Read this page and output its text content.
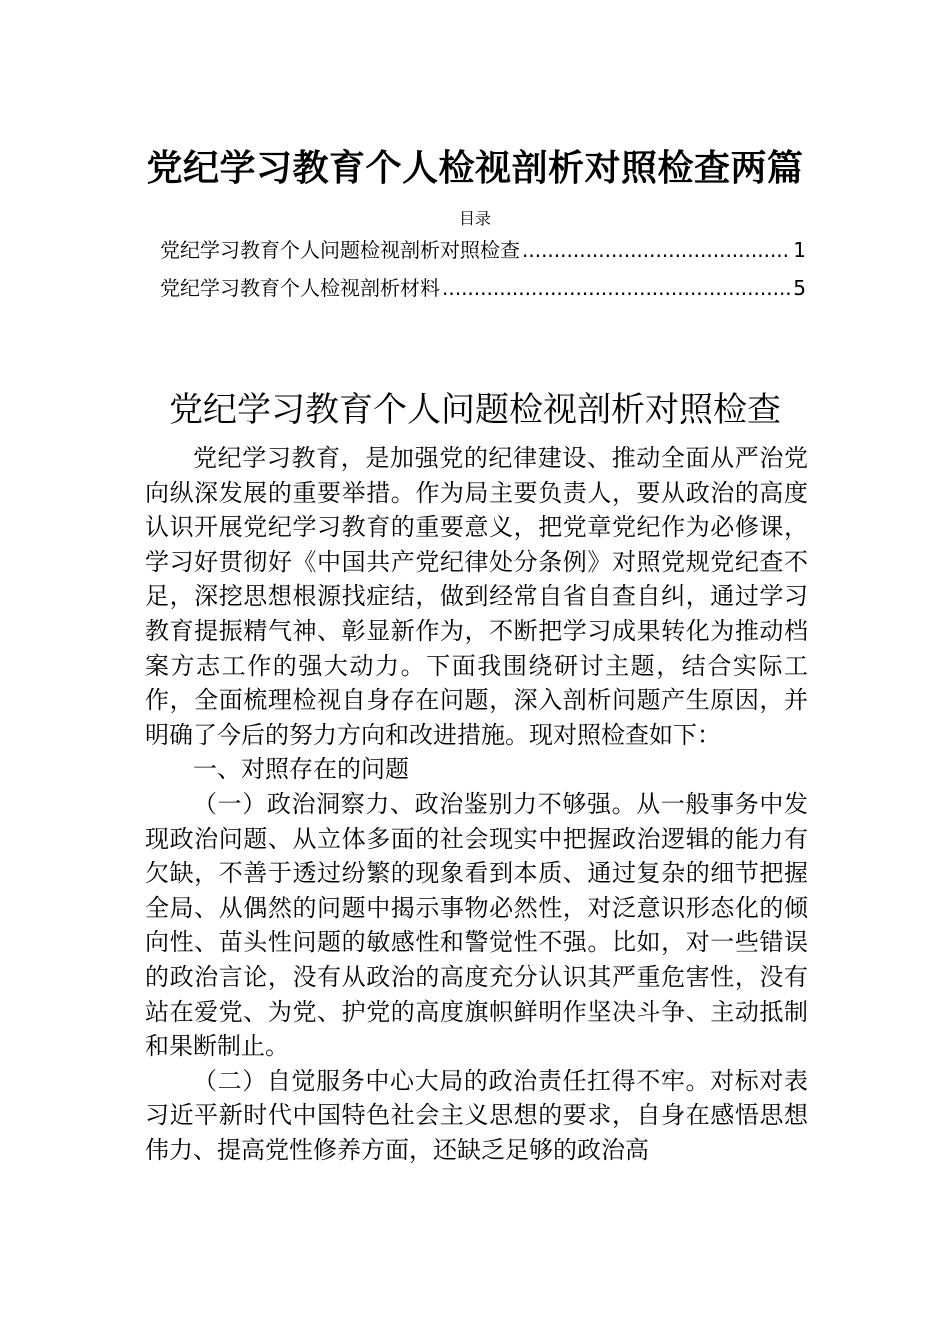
党纪学习教育个人检视剖析对照检查两篇
目录
党纪学习教育个人问题检视剖析对照检查 .....	1
党纪学习教育个人检视剖析材料 .....	5
党纪学习教育个人问题检视剖析对照检查

党纪学习教育，是加强党的纪律建设、推动全面从严治党向纵深发展的重要举措。作为局主要负责人，要从政治的高度认识开展党纪学习教育的重要意义，把党章党纪作为必修课，学习好贯彻好《中国共产党纪律处分条例》对照党规党纪查不足，深挖思想根源找症结，做到经常自省自查自纠，通过学习教育提振精气神、彰显新作为，不断把学习成果转化为推动档案方志工作的强大动力。下面我围绕研讨主题，结合实际工作，全面梳理检视自身存在问题，深入剖析问题产生原因，并明确了今后的努力方向和改进措施。现对照检查如下：

一、对照存在的问题

（一）政治洞察力、政治鉴别力不够强。从一般事务中发现政治问题、从立体多面的社会现实中把握政治逻辑的能力有欠缺，不善于透过纷繁的现象看到本质、通过复杂的细节把握全局、从偶然的问题中揭示事物必然性，对泛意识形态化的倾向性、苗头性问题的敏感性和警觉性不强。比如，对一些错误的政治言论，没有从政治的高度充分认识其严重危害性，没有站在爱党、为党、护党的高度旗帜鲜明作坚决斗争、主动抵制和果断制止。

（二）自觉服务中心大局的政治责任扛得不牢。对标对表习近平新时代中国特色社会主义思想的要求，自身在感悟思想伟力、提高党性修养方面，还缺乏足够的政治高
